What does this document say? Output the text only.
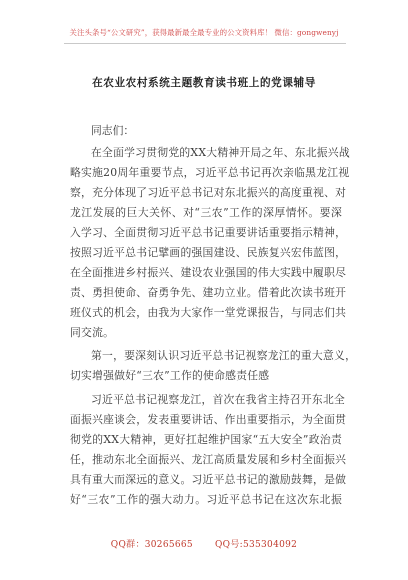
关注头条号“公文研究”，获得最新最全最专业的公文资料库！ 微信：gongwenyj
在农业农村系统主题教育读书班上的党课辅导
同志们：
在全面学习贯彻党的XX大精神开局之年、东北振兴战
略实施20周年重要节点，习近平总书记再次亲临黑龙江视
察，充分体现了习近平总书记对东北振兴的高度重视、对
龙江发展的巨大关怀、对“三农”工作的深厚情怀。要深
入学习、全面贯彻习近平总书记重要讲话重要指示精神，
按照习近平总书记擘画的强国建设、民族复兴宏伟蓝图，
在全面推进乡村振兴、建设农业强国的伟大实践中履职尽
责、勇担使命、奋勇争先、建功立业。借着此次读书班开
班仪式的机会，由我为大家作一堂党课报告，与同志们共
同交流。
第一，要深刻认识习近平总书记视察龙江的重大意义，
切实增强做好“三农”工作的使命感责任感
习近平总书记视察龙江，首次在我省主持召开东北全
面振兴座谈会，发表重要讲话、作出重要指示，为全面贯
彻党的XX大精神，更好扛起维护国家“五大安全”政治责
任，推动东北全面振兴、龙江高质量发展和乡村全面振兴
具有重大而深远的意义。习近平总书记的激励鼓舞，是做
好“三农”工作的强大动力。习近平总书记在这次东北振
QQ群：30265665 QQ号:535304092
